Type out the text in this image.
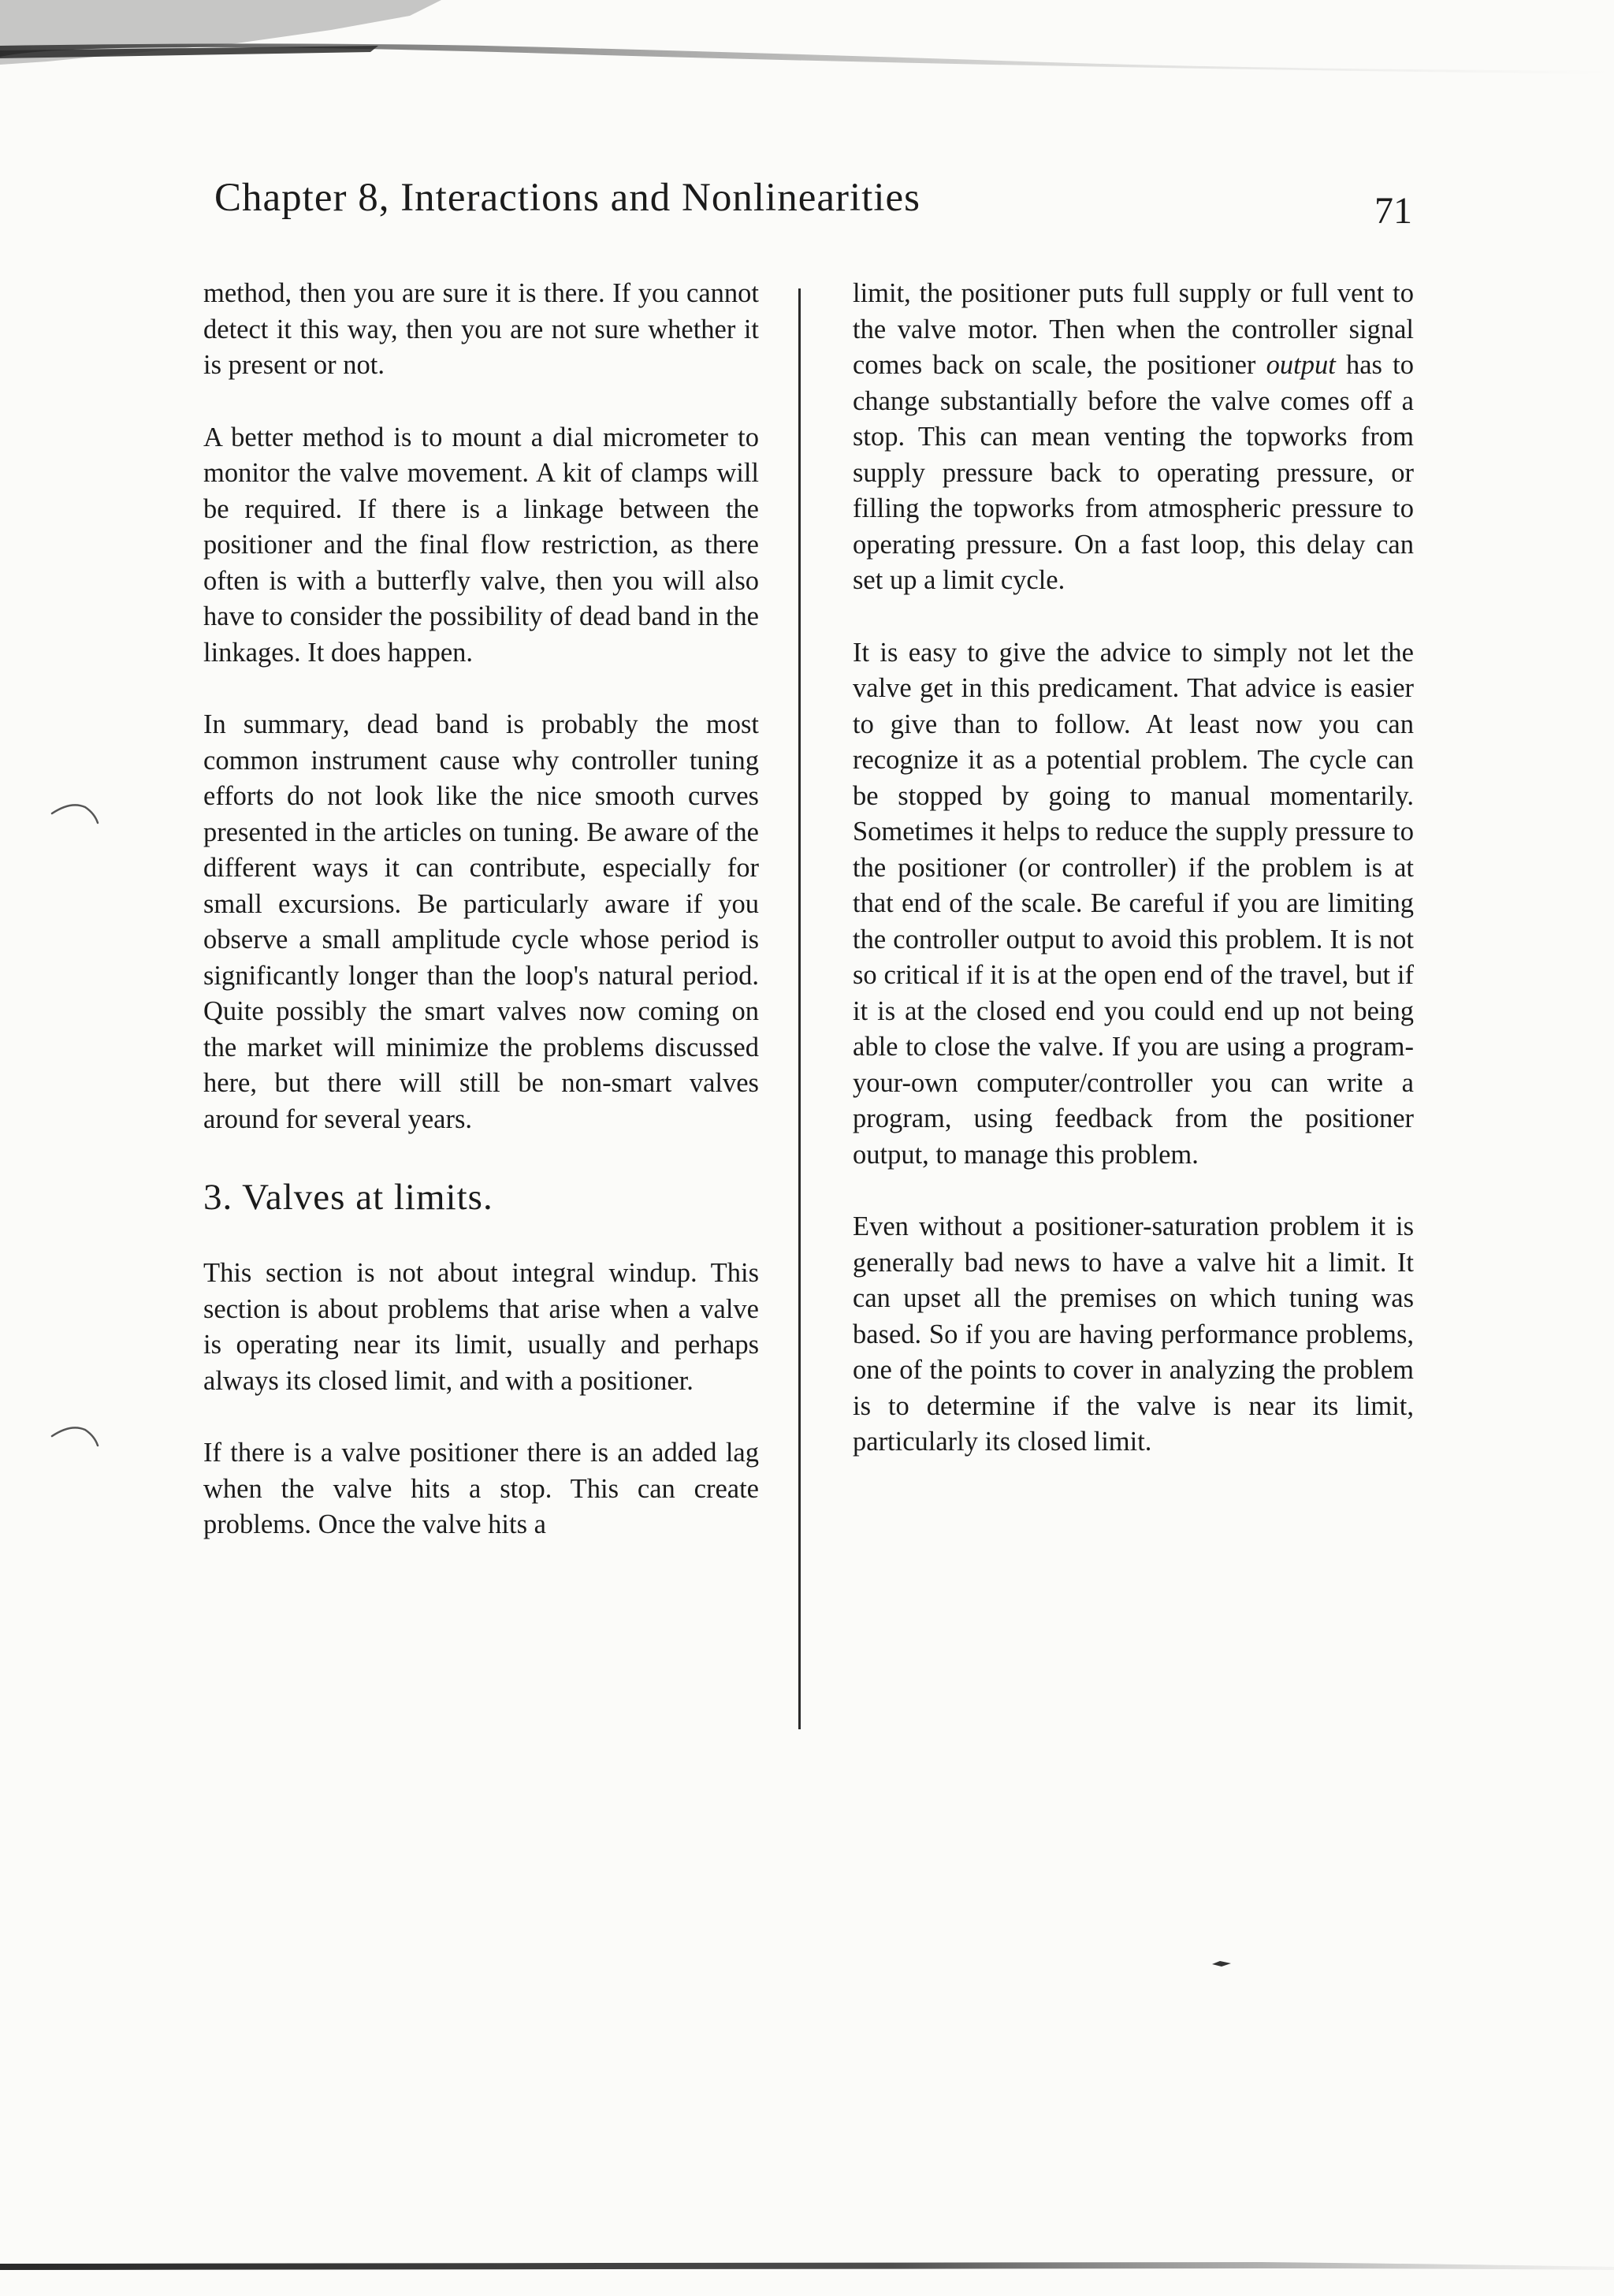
Chapter 8, Interactions and Nonlinearities	71

method, then you are sure it is there. If you cannot detect it this way, then you are not sure whether it is present or not.

A better method is to mount a dial micrometer to monitor the valve movement. A kit of clamps will be required. If there is a linkage between the positioner and the final flow restriction, as there often is with a butterfly valve, then you will also have to consider the possibility of dead band in the linkages. It does happen.

In summary, dead band is probably the most common instrument cause why controller tuning efforts do not look like the nice smooth curves presented in the articles on tuning. Be aware of the different ways it can contribute, especially for small excursions. Be particularly aware if you observe a small amplitude cycle whose period is significantly longer than the loop's natural period. Quite possibly the smart valves now coming on the market will minimize the problems discussed here, but there will still be non-smart valves around for several years.

3. Valves at limits.

This section is not about integral windup. This section is about problems that arise when a valve is operating near its limit, usually and perhaps always its closed limit, and with a positioner.

If there is a valve positioner there is an added lag when the valve hits a stop. This can create problems. Once the valve hits a

limit, the positioner puts full supply or full vent to the valve motor. Then when the controller signal comes back on scale, the positioner output has to change substantially before the valve comes off a stop. This can mean venting the topworks from supply pressure back to operating pressure, or filling the topworks from atmospheric pressure to operating pressure. On a fast loop, this delay can set up a limit cycle.

It is easy to give the advice to simply not let the valve get in this predicament. That advice is easier to give than to follow. At least now you can recognize it as a potential problem. The cycle can be stopped by going to manual momentarily. Sometimes it helps to reduce the supply pressure to the positioner (or controller) if the problem is at that end of the scale. Be careful if you are limiting the controller output to avoid this problem. It is not so critical if it is at the open end of the travel, but if it is at the closed end you could end up not being able to close the valve. If you are using a program-your-own computer/controller you can write a program, using feedback from the positioner output, to manage this problem.

Even without a positioner-saturation problem it is generally bad news to have a valve hit a limit. It can upset all the premises on which tuning was based. So if you are having performance problems, one of the points to cover in analyzing the problem is to determine if the valve is near its limit, particularly its closed limit.
